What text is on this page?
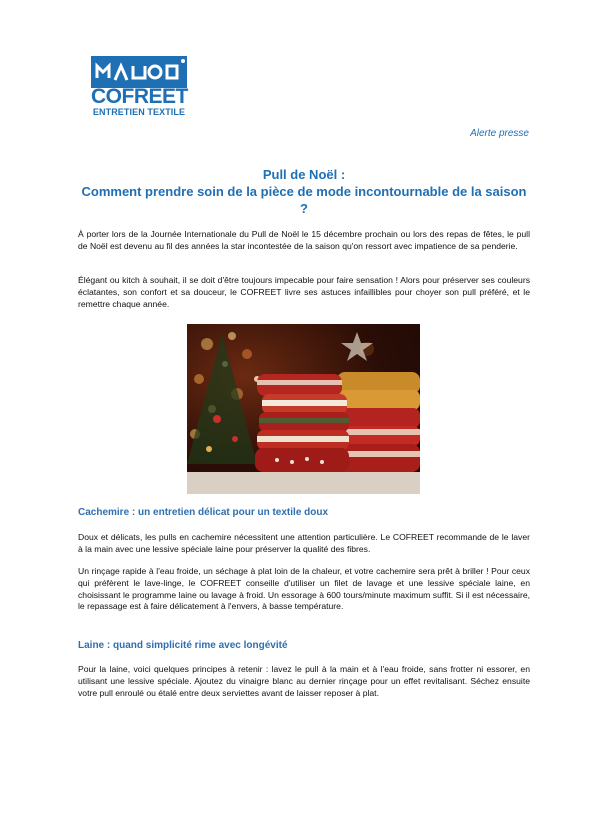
COFREET
ENTRETIEN TEXTILE
Alerte presse
Pull de Noël :
Comment prendre soin de la pièce de mode incontournable de la saison ?

À porter lors de la Journée Internationale du Pull de Noël le 15 décembre prochain ou lors des repas de fêtes, le pull de Noël est devenu au fil des années la star incontestée de la saison qu'on ressort avec impatience de sa penderie.

Élégant ou kitch à souhait, il se doit d'être toujours impecable pour faire sensation ! Alors pour préserver ses couleurs éclatantes, son confort et sa douceur, le COFREET livre ses astuces infaillibles pour choyer son pull préféré, et le remettre chaque année.

Cachemire : un entretien délicat pour un textile doux

Doux et délicats, les pulls en cachemire nécessitent une attention particulière. Le COFREET recommande de le laver à la main avec une lessive spéciale laine pour préserver la qualité des fibres.

Un rinçage rapide à l'eau froide, un séchage à plat loin de la chaleur, et votre cachemire sera prêt à briller ! Pour ceux qui préfèrent le lave-linge, le COFREET conseille d'utiliser un filet de lavage et une lessive spéciale laine, en choisissant le programme laine ou lavage à froid. Un essorage à 600 tours/minute maximum suffit. Si il est nécessaire, le repassage est à faire délicatement à l'envers, à basse température.

Laine : quand simplicité rime avec longévité

Pour la laine, voici quelques principes à retenir : lavez le pull à la main et à l'eau froide, sans frotter ni essorer, en utilisant une lessive spéciale. Ajoutez du vinaigre blanc au dernier rinçage pour un effet revitalisant. Séchez ensuite votre pull enroulé ou étalé entre deux serviettes avant de laisser reposer à plat.
